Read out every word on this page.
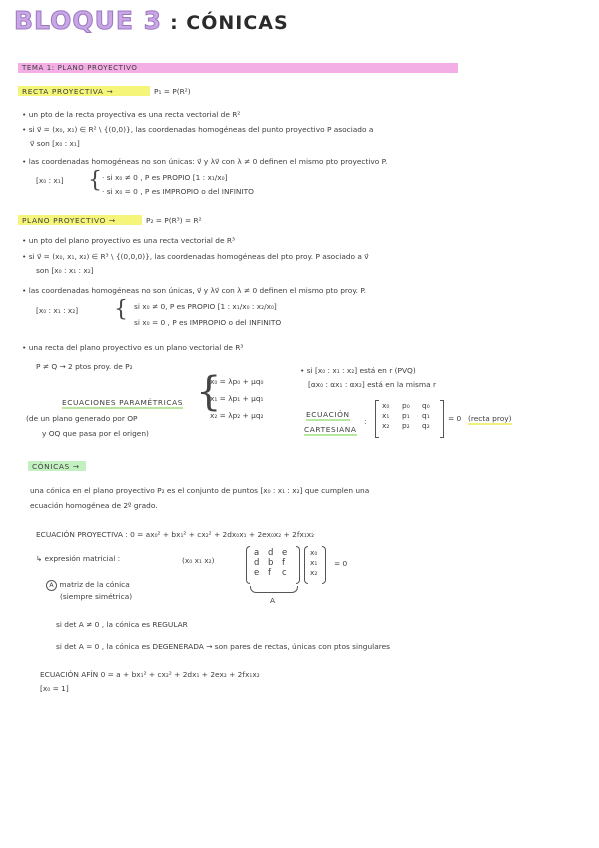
BLOQUE 3 : CÓNICAS
TEMA 1: PLANO PROYECTIVO
RECTA PROYECTIVA →	P₁ = P(R²)
• un pto de la recta proyectiva es una recta vectorial de R²
• si v⃗ = (x₀, x₁) ∈ R² \ {(0,0)}, las coordenadas homogéneas del punto proyectivo P asociado a
v⃗ son [x₀ : x₁]
• las coordenadas homogéneas no son únicas: v⃗ y λv⃗ con λ ≠ 0 definen el mismo pto proyectivo P.
[x₀ : x₁] { · si x₀ ≠ 0 , P es PROPIO [1 : x₁/x₀]
· si x₀ = 0 , P es IMPROPIO o del INFINITO
PLANO PROYECTIVO →	P₂ = P(R³) = R²
• un pto del plano proyectivo es una recta vectorial de R³
• si v⃗ = (x₀, x₁, x₂) ∈ R³ \ {(0,0,0)}, las coordenadas homogéneas del pto proy. P asociado a v⃗
son [x₀ : x₁ : x₂]
• las coordenadas homogéneas no son únicas, v⃗ y λv⃗ con λ ≠ 0 definen el mismo pto proy. P.
[x₀ : x₁ : x₂] { si x₀ ≠ 0, P es PROPIO [1 : x₁/x₀ : x₂/x₀]
si x₀ = 0 , P es IMPROPIO o del INFINITO
• una recta del plano proyectivo es un plano vectorial de R³
P ≠ Q → 2 ptos proy. de P₂	• si [x₀ : x₁ : x₂] está en r (PVQ)
[αx₀ : αx₁ : αx₂] está en la misma r
ECUACIONES PARAMÉTRICAS
(de un plano generado por OP
y OQ que pasa por el origen)
{
x₀ = λp₀ + μq₀
x₁ = λp₁ + μq₁
x₂ = λp₂ + μq₂	ECUACIÓN
CARTESIANA
:
x₀	p₀	q₀
x₁	p₁	q₁
x₂	p₂	q₂
= 0 (recta proy)
CÓNICAS →
una cónica en el plano proyectivo P₂ es el conjunto de puntos [x₀ : x₁ : x₂] que cumplen una
ecuación homogénea de 2º grado.
ECUACIÓN PROYECTIVA : 0 = ax₀² + bx₁² + cx₂² + 2dx₀x₁ + 2ex₀x₂ + 2fx₁x₂
↳ expresión matricial :	(x₀ x₁ x₂)
a	d	e
d	b	f
e	f	c
x₀
x₁
x₂
= 0
A
A matriz de la cónica
(siempre simétrica)
si det A ≠ 0 , la cónica es REGULAR
si det A = 0 , la cónica es DEGENERADA → son pares de rectas, únicas con ptos singulares
ECUACIÓN AFÍN 0 = a + bx₁² + cx₂² + 2dx₁ + 2ex₂ + 2fx₁x₂
[x₀ = 1]
